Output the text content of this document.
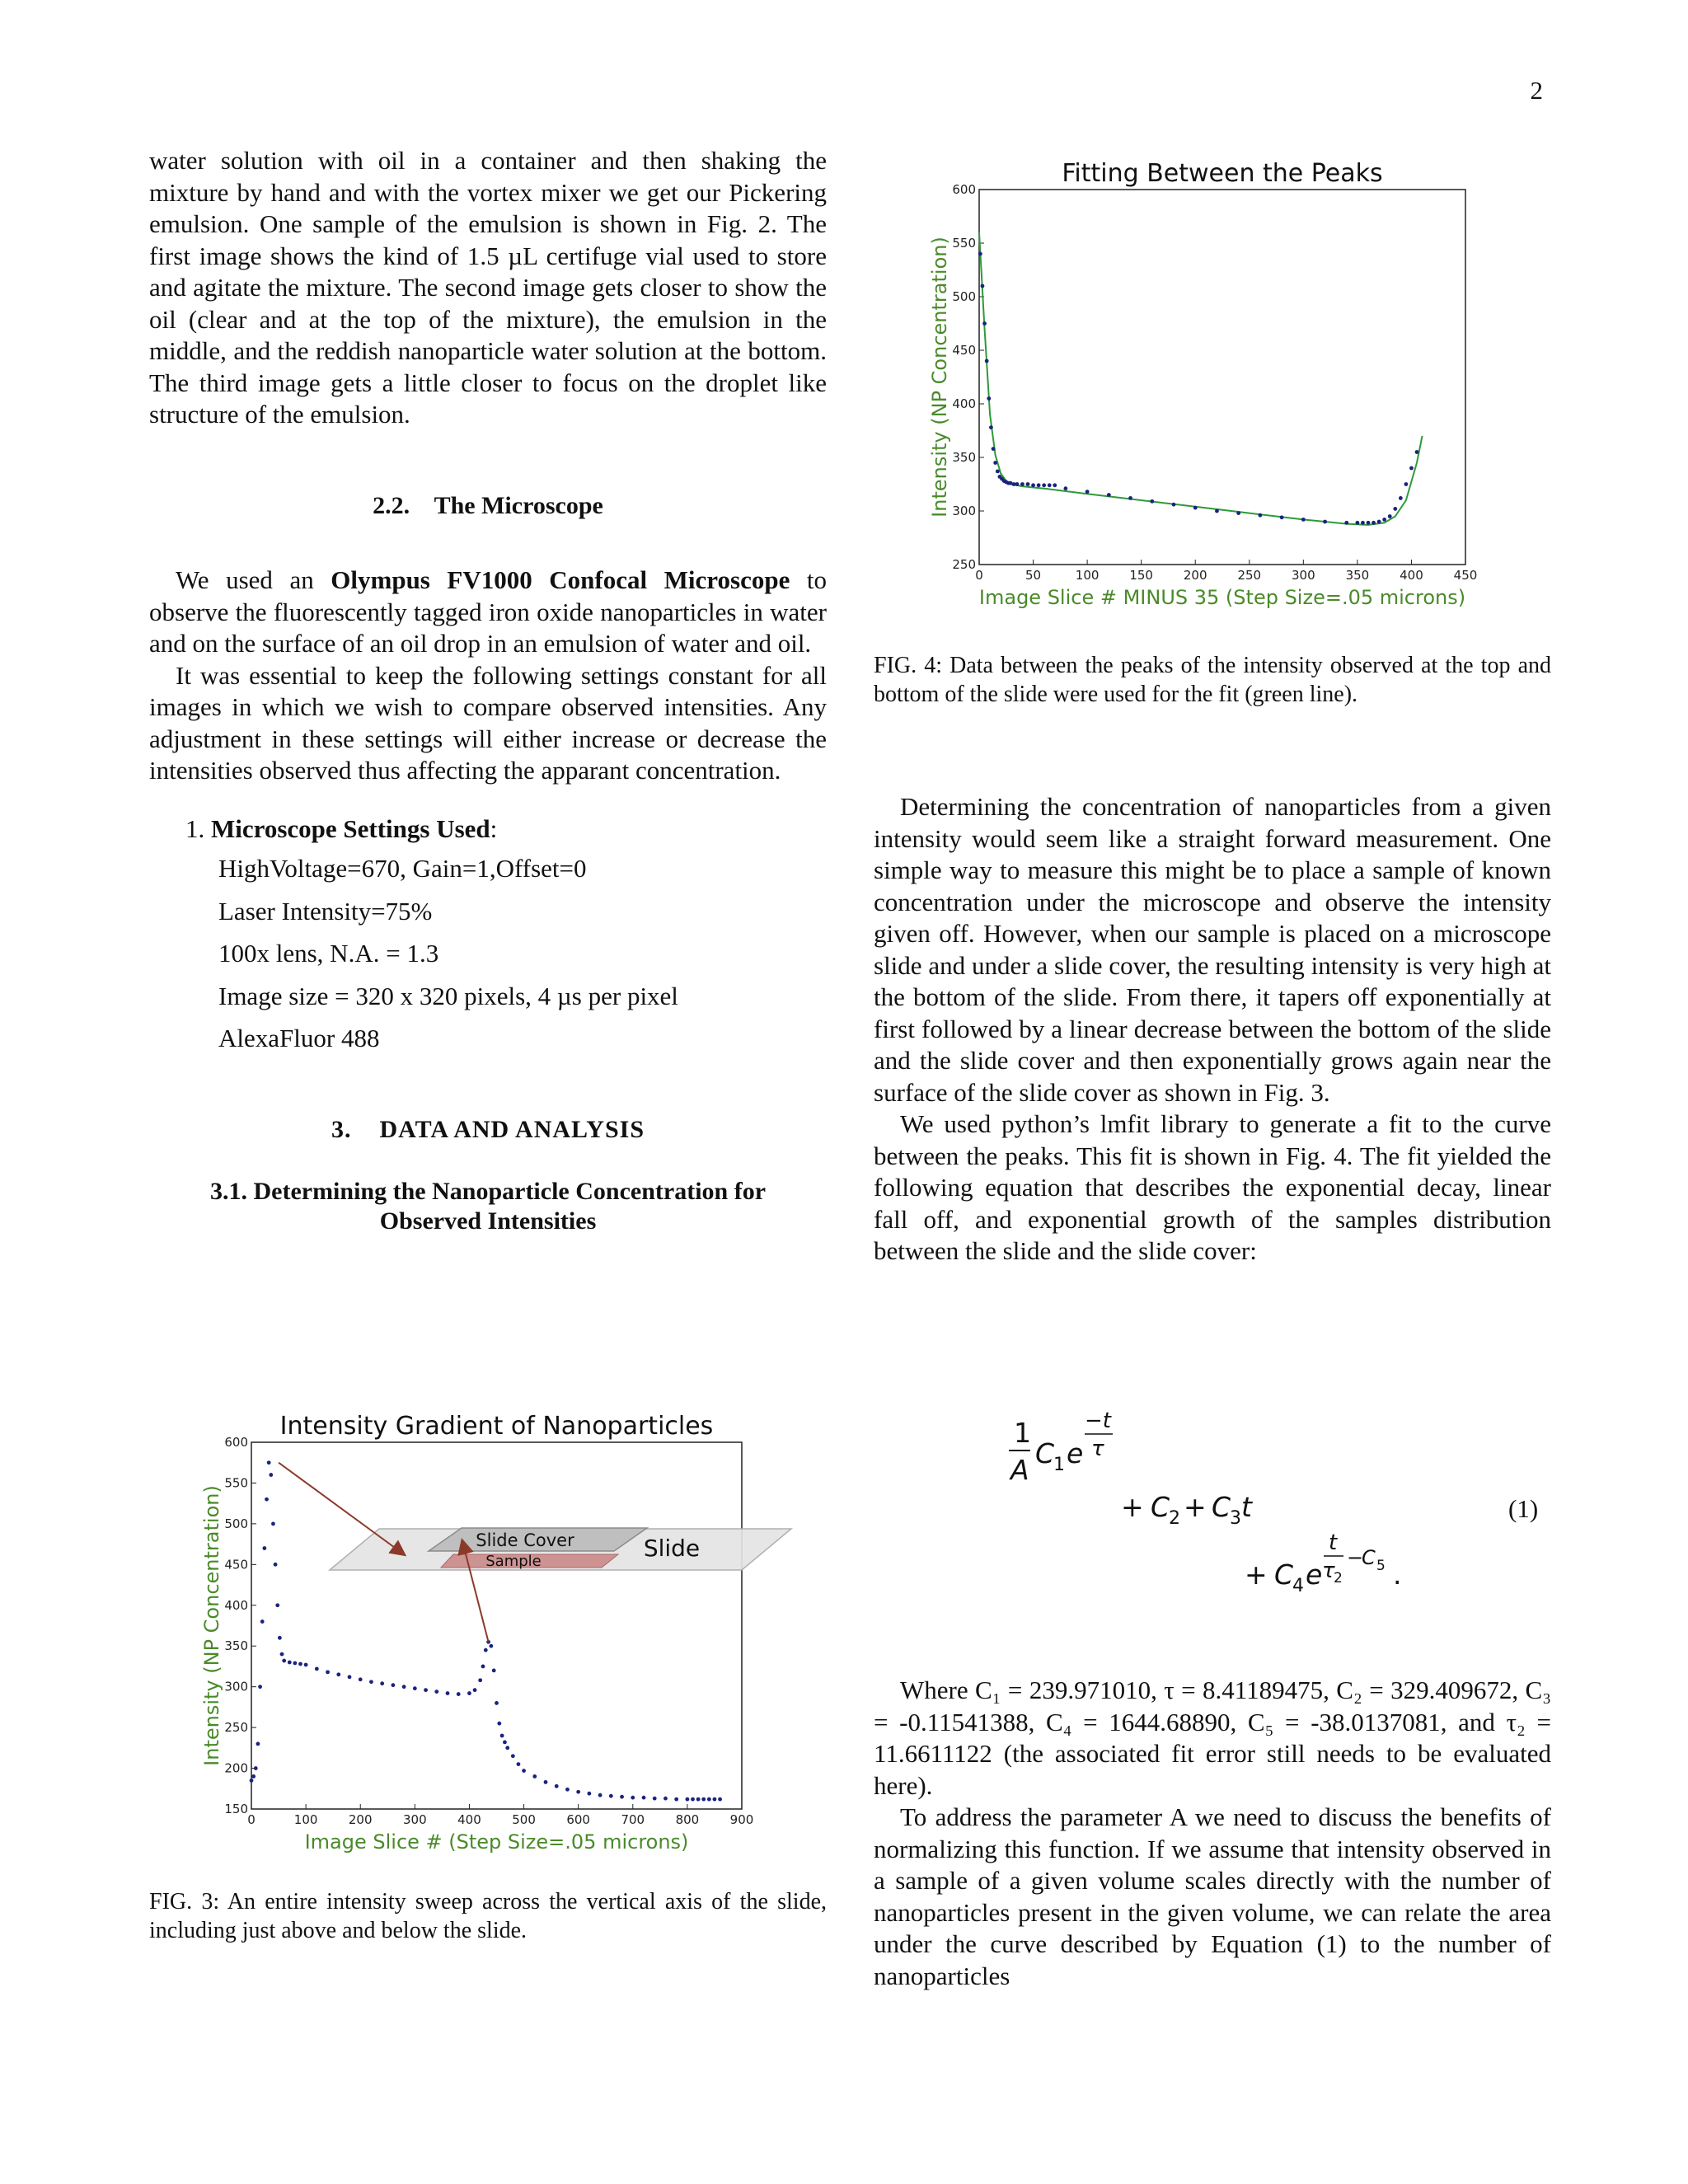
2

water solution with oil in a container and then shaking the mixture by hand and with the vortex mixer we get our Pickering emulsion. One sample of the emulsion is shown in Fig. 2. The first image shows the kind of 1.5 µL certifuge vial used to store and agitate the mixture. The second image gets closer to show the oil (clear and at the top of the mixture), the emulsion in the middle, and the reddish nanoparticle water solution at the bottom. The third image gets a little closer to focus on the droplet like structure of the emulsion.

2.2.    The Microscope

We used an Olympus FV1000 Confocal Microscope to observe the fluorescently tagged iron oxide nanoparticles in water and on the surface of an oil drop in an emulsion of water and oil.

It was essential to keep the following settings constant for all images in which we wish to compare observed intensities. Any adjustment in these settings will either increase or decrease the intensities observed thus affecting the apparant concentration.

1. Microscope Settings Used:
HighVoltage=670, Gain=1,Offset=0
Laser Intensity=75%
100x lens, N.A. = 1.3
Image size = 320 x 320 pixels, 4 µs per pixel
AlexaFluor 488
3.    DATA AND ANALYSIS
3.1. Determining the Nanoparticle Concentration for Observed Intensities
Intensity Gradient of Nanoparticles
0	100 200 300 400 500 600 700 800 900
150
200
250
300
350
400
450
500
550
600
Image Slice # (Step Size=.05 microns)
Intensity (NP Concentration)	Slide Cover
Sample	Slide
FIG. 3: An entire intensity sweep across the vertical axis of the slide, including just above and below the slide.
Fitting Between the Peaks
0	50	100 150 200 250 300 350 400 450
250
300
350
400
450
500
550
600
Image Slice # MINUS 35 (Step Size=.05 microns)
Intensity (NP Concentration)
FIG. 4: Data between the peaks of the intensity observed at the top and bottom of the slide were used for the fit (green line).

Determining the concentration of nanoparticles from a given intensity would seem like a straight forward measurement. One simple way to measure this might be to place a sample of known concentration under the microscope and observe the intensity given off. However, when our sample is placed on a microscope slide and under a slide cover, the resulting intensity is very high at the bottom of the slide. From there, it tapers off exponentially at first followed by a linear decrease between the bottom of the slide and the slide cover and then exponentially grows again near the surface of the slide cover as shown in Fig. 3.

We used python’s lmfit library to generate a fit to the curve between the peaks. This fit is shown in Fig. 4. The fit yielded the following equation that describes the exponential decay, linear fall off, and exponential growth of the samples distribution between the slide and the slide cover:

1
A
C
1 e
−t
τ
+ C
2 + C
3 t
+ C
4 e
t
τ
2
−
C 5 .
(1)

Where C₁ = 239.971010, τ = 8.41189475, C₂ = 329.409672, C₃ = -0.11541388, C₄ = 1644.68890, C₅ = -38.0137081, and τ₂ = 11.6611122 (the associated fit error still needs to be evaluated here).

To address the parameter A we need to discuss the benefits of normalizing this function. If we assume that intensity observed in a sample of a given volume scales directly with the number of nanoparticles present in the given volume, we can relate the area under the curve described by Equation (1) to the number of nanoparticles
